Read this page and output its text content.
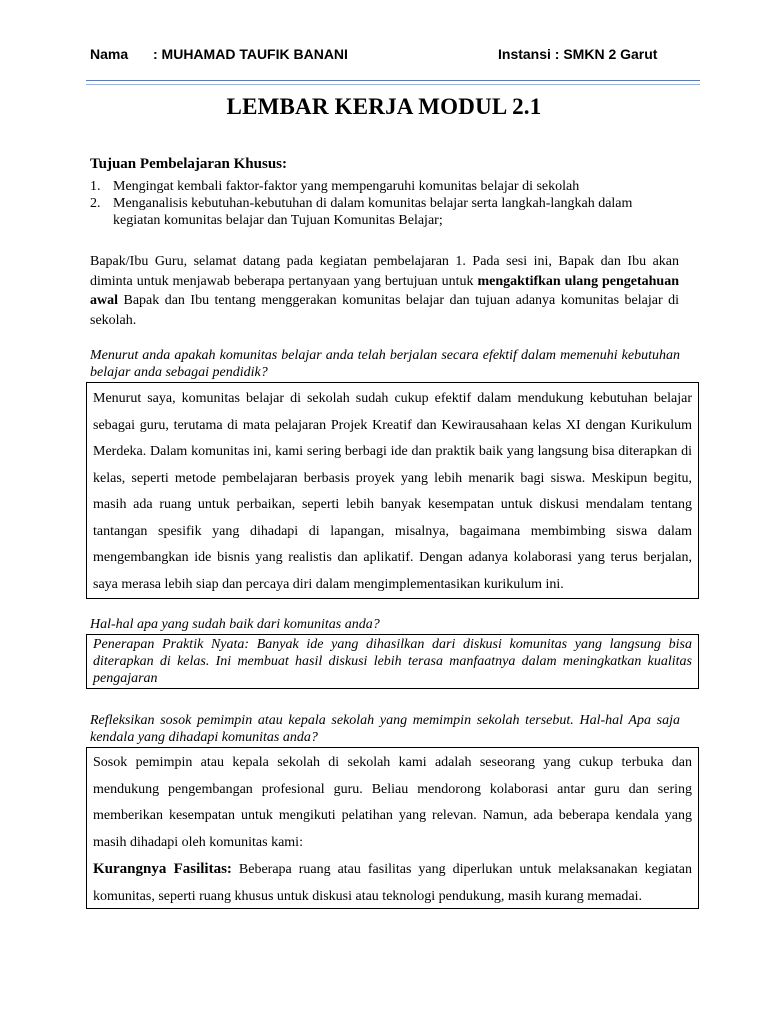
Nama : MUHAMAD TAUFIK BANANI	Instansi : SMKN 2 Garut
LEMBAR KERJA MODUL 2.1
Tujuan Pembelajaran Khusus:
1. Mengingat kembali faktor-faktor yang mempengaruhi komunitas belajar di sekolah
2. Menganalisis kebutuhan-kebutuhan di dalam komunitas belajar serta langkah-langkah dalam kegiatan komunitas belajar dan Tujuan Komunitas Belajar;
Bapak/Ibu Guru, selamat datang pada kegiatan pembelajaran 1. Pada sesi ini, Bapak dan Ibu akan diminta untuk menjawab beberapa pertanyaan yang bertujuan untuk mengaktifkan ulang pengetahuan awal Bapak dan Ibu tentang menggerakan komunitas belajar dan tujuan adanya komunitas belajar di sekolah.
Menurut anda apakah komunitas belajar anda telah berjalan secara efektif dalam memenuhi kebutuhan belajar anda sebagai pendidik?
Menurut saya, komunitas belajar di sekolah sudah cukup efektif dalam mendukung kebutuhan belajar sebagai guru, terutama di mata pelajaran Projek Kreatif dan Kewirausahaan kelas XI dengan Kurikulum Merdeka. Dalam komunitas ini, kami sering berbagi ide dan praktik baik yang langsung bisa diterapkan di kelas, seperti metode pembelajaran berbasis proyek yang lebih menarik bagi siswa. Meskipun begitu, masih ada ruang untuk perbaikan, seperti lebih banyak kesempatan untuk diskusi mendalam tentang tantangan spesifik yang dihadapi di lapangan, misalnya, bagaimana membimbing siswa dalam mengembangkan ide bisnis yang realistis dan aplikatif. Dengan adanya kolaborasi yang terus berjalan, saya merasa lebih siap dan percaya diri dalam mengimplementasikan kurikulum ini.
Hal-hal apa yang sudah baik dari komunitas anda?
Penerapan Praktik Nyata: Banyak ide yang dihasilkan dari diskusi komunitas yang langsung bisa diterapkan di kelas. Ini membuat hasil diskusi lebih terasa manfaatnya dalam meningkatkan kualitas pengajaran
Refleksikan sosok pemimpin atau kepala sekolah yang memimpin sekolah tersebut. Hal-hal Apa saja kendala yang dihadapi komunitas anda?

Sosok pemimpin atau kepala sekolah di sekolah kami adalah seseorang yang cukup terbuka dan mendukung pengembangan profesional guru. Beliau mendorong kolaborasi antar guru dan sering memberikan kesempatan untuk mengikuti pelatihan yang relevan. Namun, ada beberapa kendala yang masih dihadapi oleh komunitas kami:

Kurangnya Fasilitas: Beberapa ruang atau fasilitas yang diperlukan untuk melaksanakan kegiatan komunitas, seperti ruang khusus untuk diskusi atau teknologi pendukung, masih kurang memadai.
